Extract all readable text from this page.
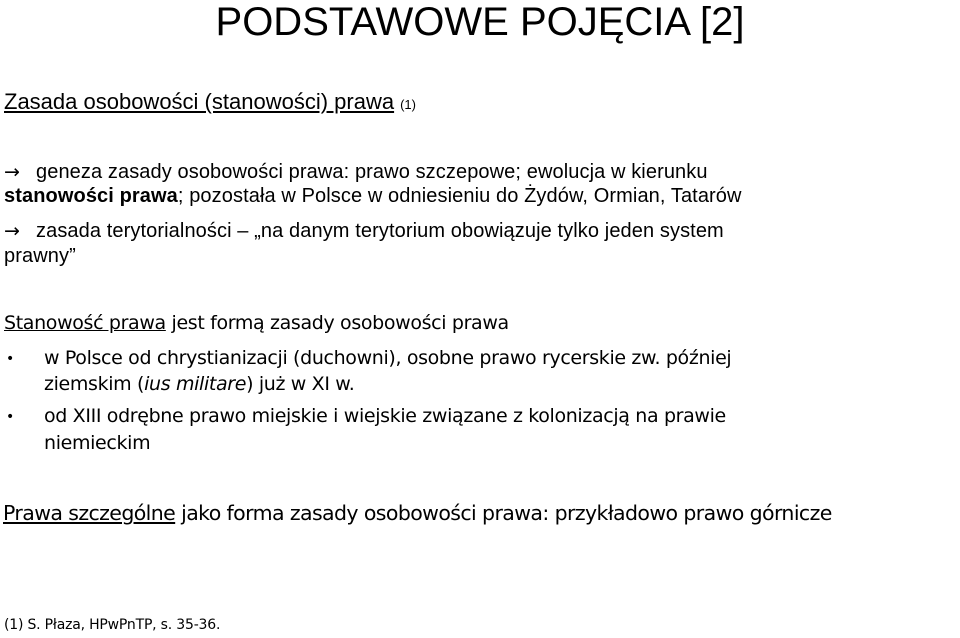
PODSTAWOWE POJĘCIA [2]
Zasada osobowości (stanowości) prawa (1)
→ geneza zasady osobowości prawa: prawo szczepowe; ewolucja w kierunku
stanowości prawa; pozostała w Polsce w odniesieniu do Żydów, Ormian, Tatarów
→ zasada terytorialności – „na danym terytorium obowiązuje tylko jeden system
prawny”
Stanowość prawa jest formą zasady osobowości prawa
• w Polsce od chrystianizacji (duchowni), osobne prawo rycerskie zw. później
ziemskim (ius militare) już w XI w.
• od XIII odrębne prawo miejskie i wiejskie związane z kolonizacją na prawie
niemieckim
Prawa szczególne jako forma zasady osobowości prawa: przykładowo prawo górnicze
(1) S. Płaza, HPwPnTP, s. 35-36.
